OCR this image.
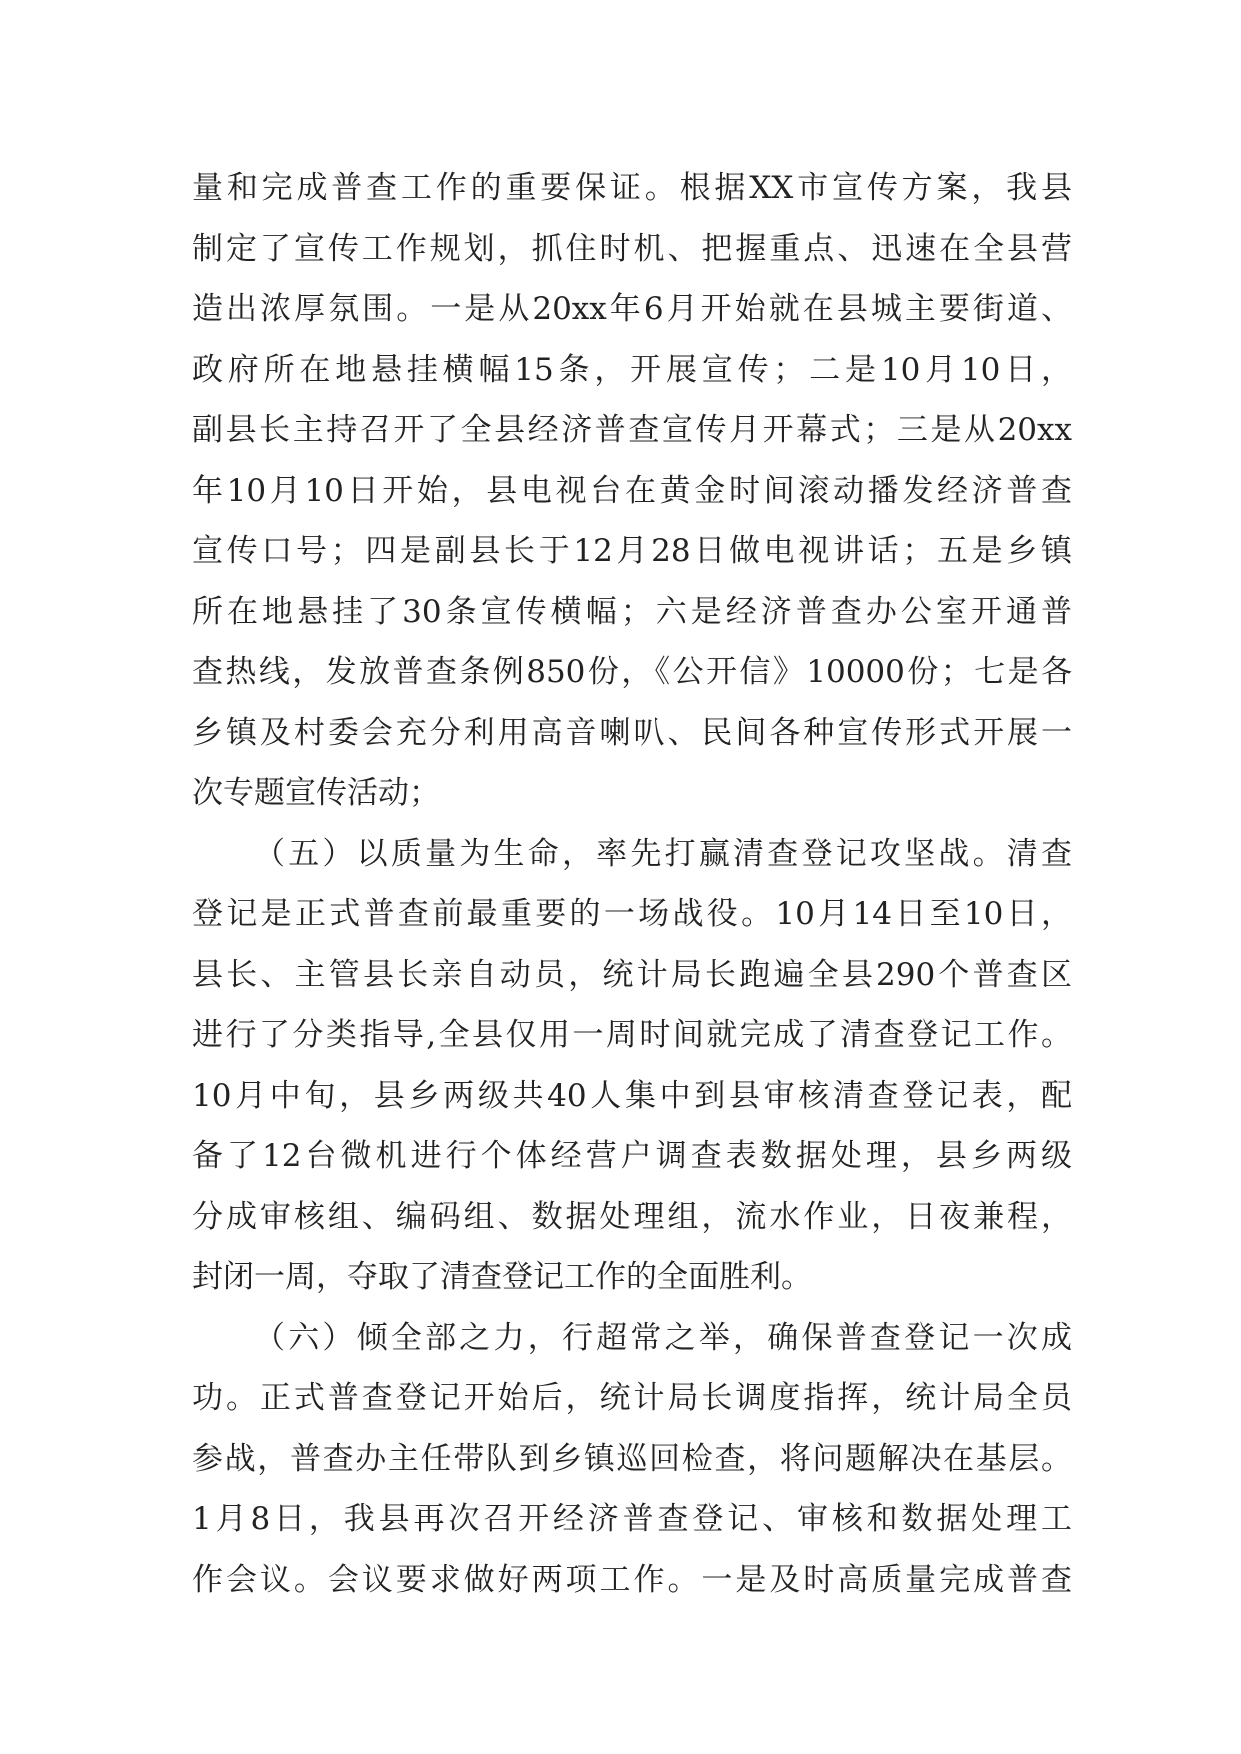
量和完成普查工作的重要保证。根据XX市宣传方案，我县
制定了宣传工作规划，抓住时机、把握重点、迅速在全县营
造出浓厚氛围。一是从20xx年6月开始就在县城主要街道、
政府所在地悬挂横幅15条，开展宣传；二是10月10日，
副县长主持召开了全县经济普查宣传月开幕式；三是从20xx
年10月10日开始，县电视台在黄金时间滚动播发经济普查
宣传口号；四是副县长于12月28日做电视讲话；五是乡镇
所在地悬挂了30条宣传横幅；六是经济普查办公室开通普
查热线，发放普查条例850份，《公开信》10000份；七是各
乡镇及村委会充分利用高音喇叭、民间各种宣传形式开展一
次专题宣传活动；
（五）以质量为生命，率先打赢清查登记攻坚战。清查
登记是正式普查前最重要的一场战役。10月14日至10日，
县长、主管县长亲自动员，统计局长跑遍全县290个普查区
进行了分类指导,全县仅用一周时间就完成了清查登记工作。
10月中旬，县乡两级共40人集中到县审核清查登记表，配
备了12台微机进行个体经营户调查表数据处理，县乡两级
分成审核组、编码组、数据处理组，流水作业，日夜兼程，
封闭一周，夺取了清查登记工作的全面胜利。
（六）倾全部之力，行超常之举，确保普查登记一次成
功。正式普查登记开始后，统计局长调度指挥，统计局全员
参战，普查办主任带队到乡镇巡回检查，将问题解决在基层。
1月8日，我县再次召开经济普查登记、审核和数据处理工
作会议。会议要求做好两项工作。一是及时高质量完成普查
